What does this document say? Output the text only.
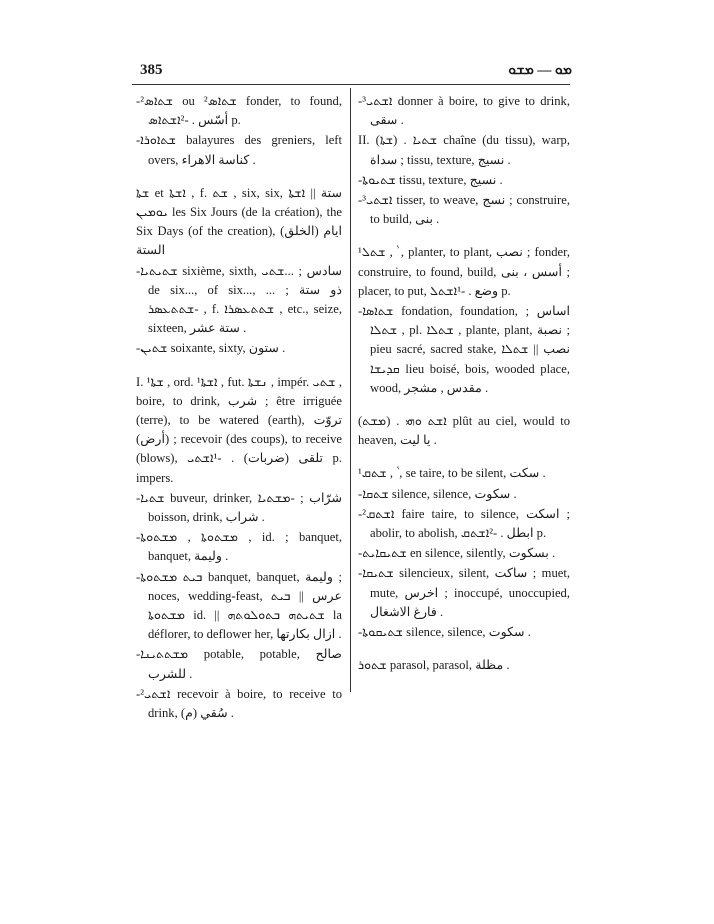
385	ܡܘ — ܡܫܘ

‑²ܫܬܐܣ ou ²ܫܬܐܣ fonder, to found, أسّس . ‑²ܐܫܬܐܣ p.

‑ܫܬܐܘܪܐ balayures des greniers, left overs, كناسة الاهراء .

ܫܬܐ et ܐܫܬܐ , f. ܫܬ , six, six, ستة || ܐܫܬܐ ܝܘܡܝܢ les Six Jours (de la création), the Six Days (of the creation), ايام (الخلق) الستة

‑ܫܬܝܬܝܐ sixième, sixth, سادس ; ...ܫܬܝ de six..., of six..., ... ذو ستة ; ‑ܫܬܬܥܣܪ , f. ܫܬܬܥܣܪܐ , etc., seize, sixteen, ستة عشر .

‑ܫܬܝܢ soixante, sixty, ستون .

I. ¹ܫܬܐ , ord. ¹ܐܫܬܐ , fut. ܢܫܬܐ , impér. ܫܬܝ , boire, to drink, شرب ; être irriguée (terre), to be watered (earth), تروّت (أرض) ; recevoir (des coups), to receive (blows), تلقى (ضربات) . ‑¹ܐܫܬܝ p. impers.

‑ܫܬܝܐ buveur, drinker, شرّاب ; ‑ܡܫܬܝܐ boisson, drink, شراب .

‑ܡܫܬܘܬܐ , ܡܫܬܘܬܐ , id. ; banquet, banquet, وليمة .

‑ܒܝܬ ܡܫܬܘܬܐ banquet, banquet, وليمة ; noces, wedding-feast, عرس || ܒܝܬ ܡܫܬܘܬܐ id. || ܫܬܝܬܗ ܒܬܘܠܘܬܗ la déflorer, to deflower her, ازال بكارتها .

‑ܡܫܬܬܝܢܐ potable, potable, صالح للشرب .

‑²ܐܫܬܝ recevoir à boire, to receive to drink, سُقي (م) .

‑³ܐܫܬܝ donner à boire, to give to drink, سقى .

II. (ܫܬܐ) . ܫܬܝܐ chaîne (du tissu), warp, سداة ; tissu, texture, نسيج .

‑ܫܬܝܘܬܐ tissu, texture, نسيج .

‑³ܐܫܬܝ tisser, to weave, نسج ; construire, to build, بنى .

¹ܫܬܠ , ܵ , planter, to plant, نصب ; fonder, construire, to found, build, أسس ، بنى ; placer, to put, وضع . ‑¹ܐܫܬܠ p.

‑ܫܬܐܣܐ fondation, foundation, اساس ; ܫܬܠܐ , pl. ܫܬܠܐ , plante, plant, نصبة ; pieu sacré, sacred stake, نصب || ܫܬܠܐ ܩܕܝܫܐ lieu boisé, bois, wooded place, wood, مقدس , مشجر .

(ܡܫܬ) . ܐܫܬ ܘܗܝ plût au ciel, would to heaven, يا ليت .

¹ܫܬܩ , ܵ , se taire, to be silent, سكت .

‑ܫܬܩܐ silence, silence, سكوت .

‑²ܐܫܬܩ faire taire, to silence, اسكت ; abolir, to abolish, ابطل . ‑²ܐܫܬܩ p.

‑ܫܬܝܩܐܝܬ en silence, silently, بسكوت .

‑ܫܬܝܩܐ silencieux, silent, ساكت ; muet, mute, اخرس ; inoccupé, unoccupied, فارغ الاشغال .

‑ܫܬܝܩܘܬܐ silence, silence, سكوت .

ܫܬܘܪ parasol, parasol, مظلة .
